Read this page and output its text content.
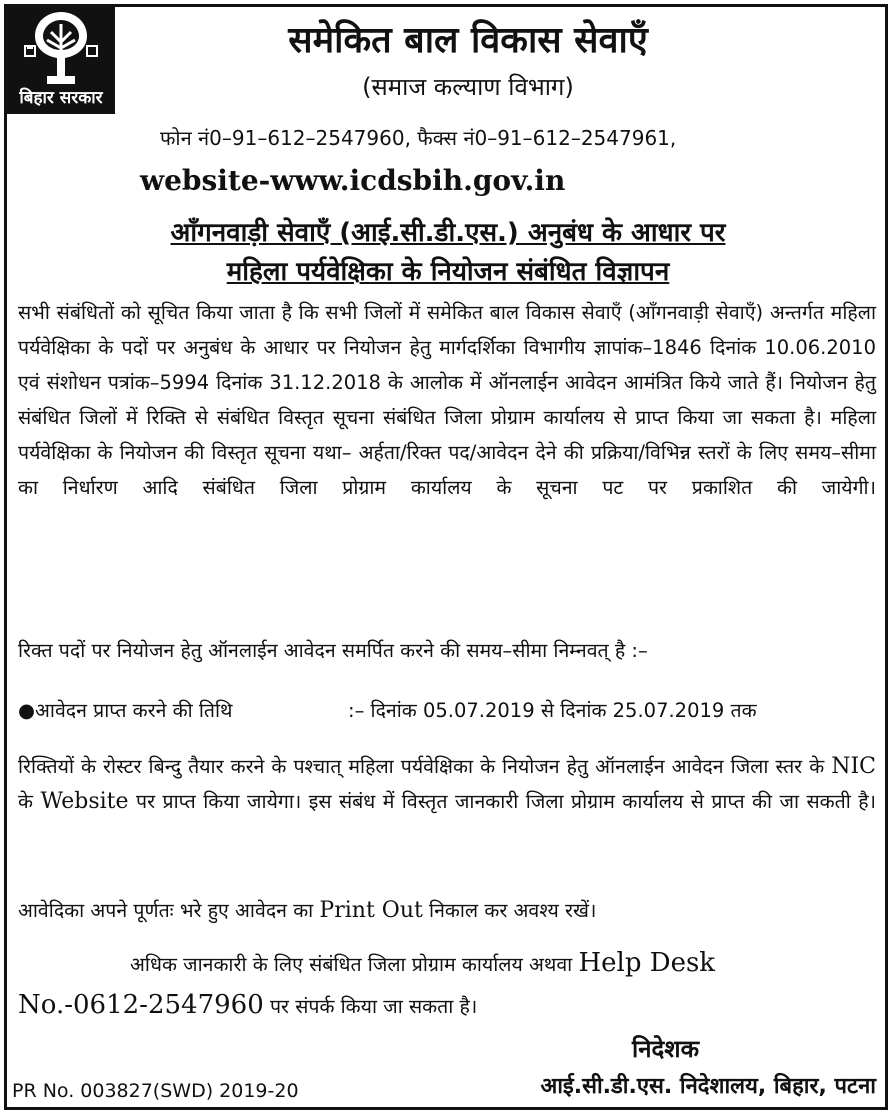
बिहार सरकार
समेकित बाल विकास सेवाएँ
(समाज कल्याण विभाग)
फोन नं0–91–612–2547960, फैक्स नं0–91–612–2547961,
website-www.icdsbih.gov.in
आँगनवाड़ी सेवाएँ (आई.सी.डी.एस.) अनुबंध के आधार पर
महिला पर्यवेक्षिका के नियोजन संबंधित विज्ञापन

सभी संबंधितों को सूचित किया जाता है कि सभी जिलों में समेकित बाल विकास सेवाएँ (आँगनवाड़ी सेवाएँ) अन्तर्गत महिला पर्यवेक्षिका के पदों पर अनुबंध के आधार पर नियोजन हेतु मार्गदर्शिका विभागीय ज्ञापांक–1846 दिनांक 10.06.2010 एवं संशोधन पत्रांक–5994 दिनांक 31.12.2018 के आलोक में ऑनलाईन आवेदन आमंत्रित किये जाते हैं। नियोजन हेतु संबंधित जिलों में रिक्ति से संबंधित विस्तृत सूचना संबंधित जिला प्रोग्राम कार्यालय से प्राप्त किया जा सकता है। महिला पर्यवेक्षिका के नियोजन की विस्तृत सूचना यथा– अर्हता/रिक्त पद/आवेदन देने की प्रक्रिया/विभिन्न स्तरों के लिए समय–सीमा का निर्धारण आदि संबंधित जिला प्रोग्राम कार्यालय के सूचना पट पर प्रकाशित की जायेगी।

रिक्त पदों पर नियोजन हेतु ऑनलाईन आवेदन समर्पित करने की समय–सीमा निम्नवत् है :–

●आवेदन प्राप्त करने की तिथि	:– दिनांक 05.07.2019 से दिनांक 25.07.2019 तक

रिक्तियों के रोस्टर बिन्दु तैयार करने के पश्चात् महिला पर्यवेक्षिका के नियोजन हेतु ऑनलाईन आवेदन जिला स्तर के NIC के Website पर प्राप्त किया जायेगा। इस संबंध में विस्तृत जानकारी जिला प्रोग्राम कार्यालय से प्राप्त की जा सकती है।

आवेदिका अपने पूर्णतः भरे हुए आवेदन का Print Out निकाल कर अवश्य रखें।

अधिक जानकारी के लिए संबंधित जिला प्रोग्राम कार्यालय अथवा Help Desk

No.-0612-2547960 पर संपर्क किया जा सकता है।

निदेशक
आई.सी.डी.एस. निदेशालय, बिहार, पटना
PR No. 003827(SWD) 2019-20
